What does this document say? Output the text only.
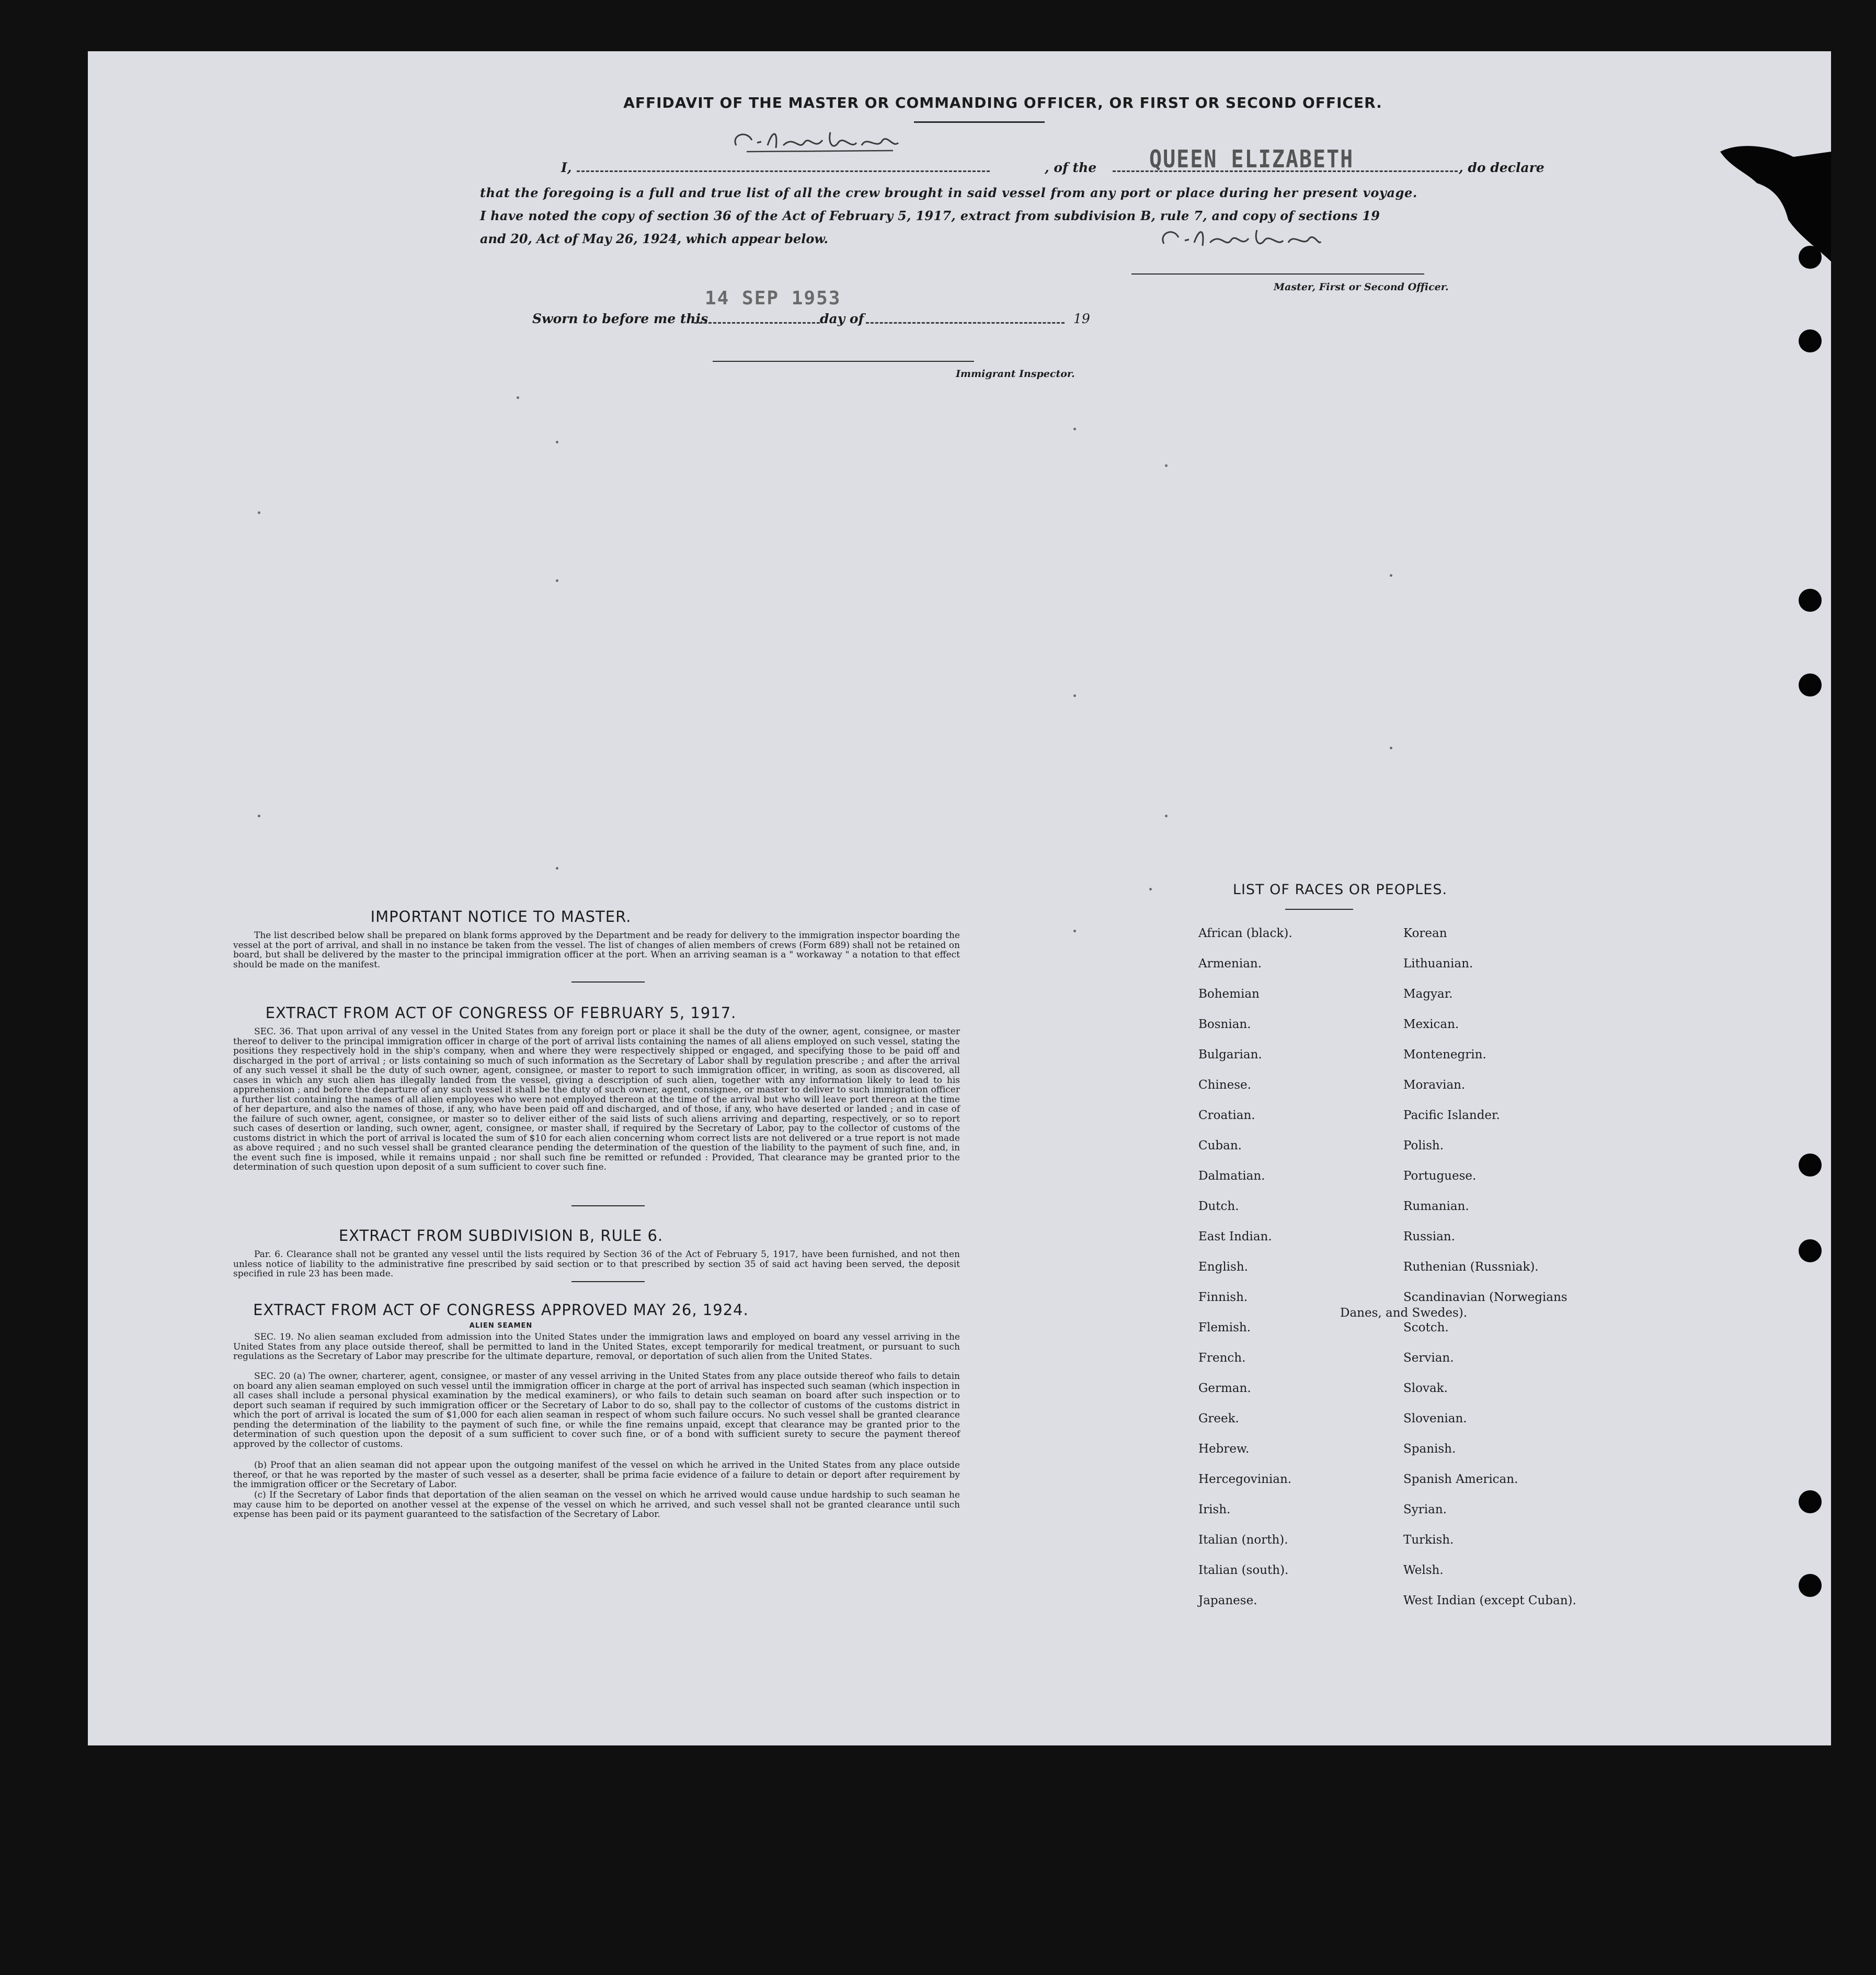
AFFIDAVIT OF THE MASTER OR COMMANDING OFFICER, OR FIRST OR SECOND OFFICER.
I,	, of the	QUEEN ELIZABETH	, do declare
that the foregoing is a full and true list of all the crew brought in said vessel from any port or place during her present voyage.
I have noted the copy of section 36 of the Act of February 5, 1917, extract from subdivision B, rule 7, and copy of sections 19
and 20, Act of May 26, 1924, which appear below.
Master, First or Second Officer.
14 SEP 1953
Sworn to before me this	day of	19
Immigrant Inspector.
IMPORTANT NOTICE TO MASTER.
The list described below shall be prepared on blank forms approved by the Department and be ready for delivery to the immigration inspector boarding the vessel at the port of arrival, and shall in no instance be taken from the vessel. The list of changes of alien members of crews (Form 689) shall not be retained on board, but shall be delivered by the master to the principal immigration officer at the port. When an arriving seaman is a " workaway " a notation to that effect should be made on the manifest.
EXTRACT FROM ACT OF CONGRESS OF FEBRUARY 5, 1917.
SEC. 36. That upon arrival of any vessel in the United States from any foreign port or place it shall be the duty of the owner, agent, consignee, or master thereof to deliver to the principal immigration officer in charge of the port of arrival lists containing the names of all aliens employed on such vessel, stating the positions they respectively hold in the ship's company, when and where they were respectively shipped or engaged, and specifying those to be paid off and discharged in the port of arrival ; or lists containing so much of such information as the Secretary of Labor shall by regulation prescribe ; and after the arrival of any such vessel it shall be the duty of such owner, agent, consignee, or master to report to such immigration officer, in writing, as soon as discovered, all cases in which any such alien has illegally landed from the vessel, giving a description of such alien, together with any information likely to lead to his apprehension ; and before the departure of any such vessel it shall be the duty of such owner, agent, consignee, or master to deliver to such immigration officer a further list containing the names of all alien employees who were not employed thereon at the time of the arrival but who will leave port thereon at the time of her departure, and also the names of those, if any, who have been paid off and discharged, and of those, if any, who have deserted or landed ; and in case of the failure of such owner, agent, consignee, or master so to deliver either of the said lists of such aliens arriving and departing, respectively, or so to report such cases of desertion or landing, such owner, agent, consignee, or master shall, if required by the Secretary of Labor, pay to the collector of customs of the customs district in which the port of arrival is located the sum of $10 for each alien concerning whom correct lists are not delivered or a true report is not made as above required ; and no such vessel shall be granted clearance pending the determination of the question of the liability to the payment of such fine, and, in the event such fine is imposed, while it remains unpaid ; nor shall such fine be remitted or refunded : Provided, That clearance may be granted prior to the determination of such question upon deposit of a sum sufficient to cover such fine.
EXTRACT FROM SUBDIVISION B, RULE 6.
Par. 6. Clearance shall not be granted any vessel until the lists required by Section 36 of the Act of February 5, 1917, have been furnished, and not then unless notice of liability to the administrative fine prescribed by said section or to that prescribed by section 35 of said act having been served, the deposit specified in rule 23 has been made.
EXTRACT FROM ACT OF CONGRESS APPROVED MAY 26, 1924.
ALIEN SEAMEN
SEC. 19. No alien seaman excluded from admission into the United States under the immigration laws and employed on board any vessel arriving in the United States from any place outside thereof, shall be permitted to land in the United States, except temporarily for medical treatment, or pursuant to such regulations as the Secretary of Labor may prescribe for the ultimate departure, removal, or deportation of such alien from the United States.
SEC. 20 (a) The owner, charterer, agent, consignee, or master of any vessel arriving in the United States from any place outside thereof who fails to detain on board any alien seaman employed on such vessel until the immigration officer in charge at the port of arrival has inspected such seaman (which inspection in all cases shall include a personal physical examination by the medical examiners), or who fails to detain such seaman on board after such inspection or to deport such seaman if required by such immigration officer or the Secretary of Labor to do so, shall pay to the collector of customs of the customs district in which the port of arrival is located the sum of $1,000 for each alien seaman in respect of whom such failure occurs. No such vessel shall be granted clearance pending the determination of the liability to the payment of such fine, or while the fine remains unpaid, except that clearance may be granted prior to the determination of such question upon the deposit of a sum sufficient to cover such fine, or of a bond with sufficient surety to secure the payment thereof approved by the collector of customs.
(b) Proof that an alien seaman did not appear upon the outgoing manifest of the vessel on which he arrived in the United States from any place outside thereof, or that he was reported by the master of such vessel as a deserter, shall be prima facie evidence of a failure to detain or deport after requirement by the immigration officer or the Secretary of Labor.
(c) If the Secretary of Labor finds that deportation of the alien seaman on the vessel on which he arrived would cause undue hardship to such seaman he may cause him to be deported on another vessel at the expense of the vessel on which he arrived, and such vessel shall not be granted clearance until such expense has been paid or its payment guaranteed to the satisfaction of the Secretary of Labor.
LIST OF RACES OR PEOPLES.
African (black).
Armenian.
Bohemian
Bosnian.
Bulgarian.
Chinese.
Croatian.
Cuban.
Dalmatian.
Dutch.
East Indian.
English.
Finnish.
Flemish.
French.
German.
Greek.
Hebrew.
Hercegovinian.
Irish.
Italian (north).
Italian (south).
Japanese.
Korean
Lithuanian.
Magyar.
Mexican.
Montenegrin.
Moravian.
Pacific Islander.
Polish.
Portuguese.
Rumanian.
Russian.
Ruthenian (Russniak).
Scandinavian (Norwegians
Scotch.
Servian.
Slovak.
Slovenian.
Spanish.
Spanish American.
Syrian.
Turkish.
Welsh.
West Indian (except Cuban).
Danes, and Swedes).
